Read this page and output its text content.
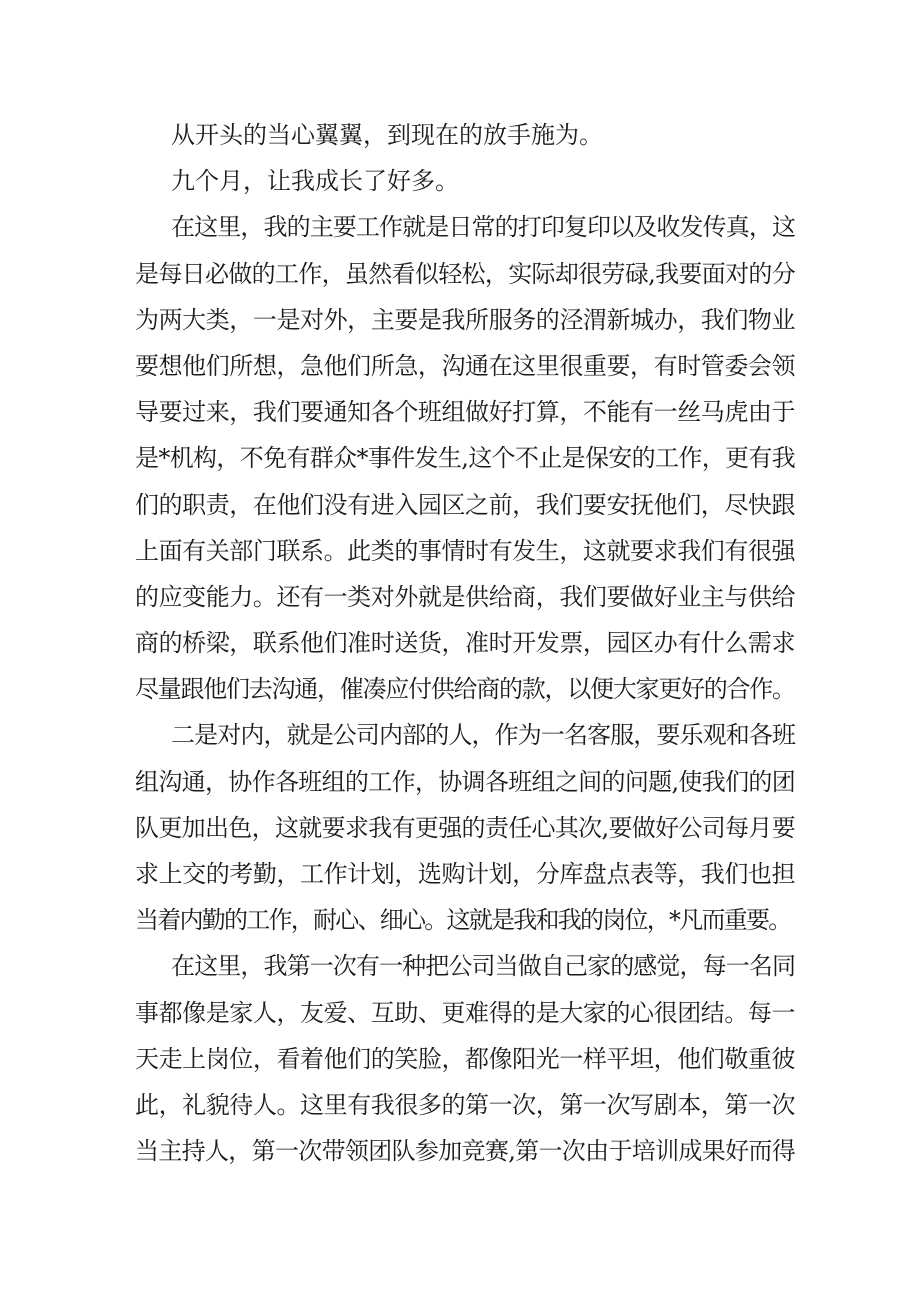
从开头的当心翼翼，到现在的放手施为。
九个月，让我成长了好多。
在这里，我的主要工作就是日常的打印复印以及收发传真，这
是每日必做的工作，虽然看似轻松，实际却很劳碌,我要面对的分
为两大类，一是对外，主要是我所服务的泾渭新城办，我们物业
要想他们所想，急他们所急，沟通在这里很重要，有时管委会领
导要过来，我们要通知各个班组做好打算，不能有一丝马虎由于
是*机构，不免有群众*事件发生,这个不止是保安的工作，更有我
们的职责，在他们没有进入园区之前，我们要安抚他们，尽快跟
上面有关部门联系。此类的事情时有发生，这就要求我们有很强
的应变能力。还有一类对外就是供给商，我们要做好业主与供给
商的桥梁，联系他们准时送货，准时开发票，园区办有什么需求
尽量跟他们去沟通，催凑应付供给商的款，以便大家更好的合作。
二是对内，就是公司内部的人，作为一名客服，要乐观和各班
组沟通，协作各班组的工作，协调各班组之间的问题,使我们的团
队更加出色，这就要求我有更强的责任心其次,要做好公司每月要
求上交的考勤，工作计划，选购计划，分库盘点表等，我们也担
当着内勤的工作，耐心、细心。这就是我和我的岗位，*凡而重要。
在这里，我第一次有一种把公司当做自己家的感觉，每一名同
事都像是家人，友爱、互助、更难得的是大家的心很团结。每一
天走上岗位，看着他们的笑脸，都像阳光一样平坦，他们敬重彼
此，礼貌待人。这里有我很多的第一次，第一次写剧本，第一次
当主持人，第一次带领团队参加竞赛,第一次由于培训成果好而得
